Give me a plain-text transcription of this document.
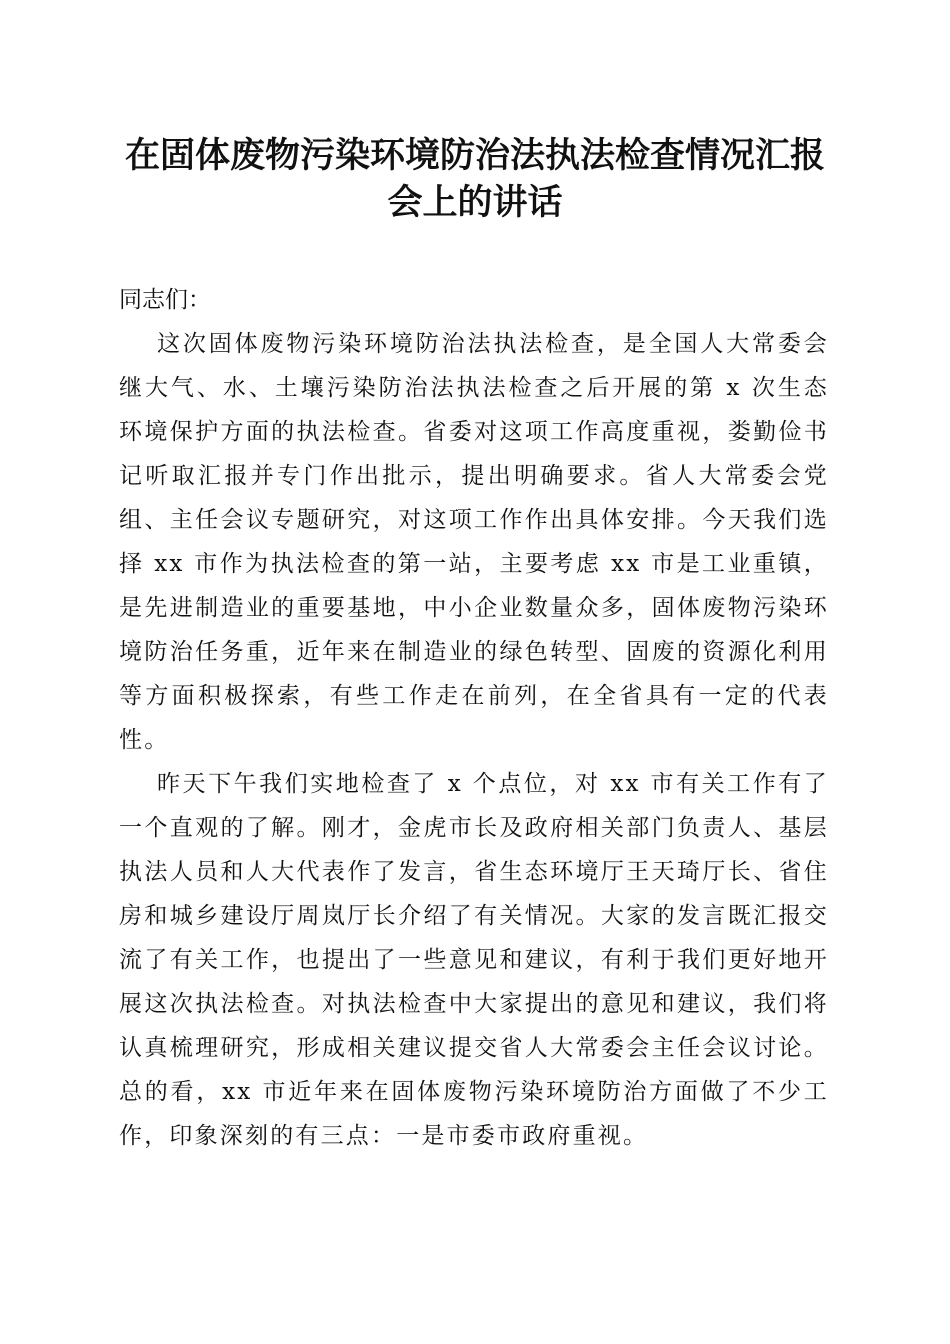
在固体废物污染环境防治法执法检查情况汇报会上的讲话

同志们：

这次固体废物污染环境防治法执法检查，是全国人大常委会继大气、水、土壤污染防治法执法检查之后开展的第 x 次生态环境保护方面的执法检查。省委对这项工作高度重视，娄勤俭书记听取汇报并专门作出批示，提出明确要求。省人大常委会党组、主任会议专题研究，对这项工作作出具体安排。今天我们选择 xx 市作为执法检查的第一站，主要考虑 xx 市是工业重镇，是先进制造业的重要基地，中小企业数量众多，固体废物污染环境防治任务重，近年来在制造业的绿色转型、固废的资源化利用等方面积极探索，有些工作走在前列，在全省具有一定的代表性。

昨天下午我们实地检查了 x 个点位，对 xx 市有关工作有了一个直观的了解。刚才，金虎市长及政府相关部门负责人、基层执法人员和人大代表作了发言，省生态环境厅王天琦厅长、省住房和城乡建设厅周岚厅长介绍了有关情况。大家的发言既汇报交流了有关工作，也提出了一些意见和建议，有利于我们更好地开展这次执法检查。对执法检查中大家提出的意见和建议，我们将认真梳理研究，形成相关建议提交省人大常委会主任会议讨论。总的看，xx 市近年来在固体废物污染环境防治方面做了不少工作，印象深刻的有三点：一是市委市政府重视。
